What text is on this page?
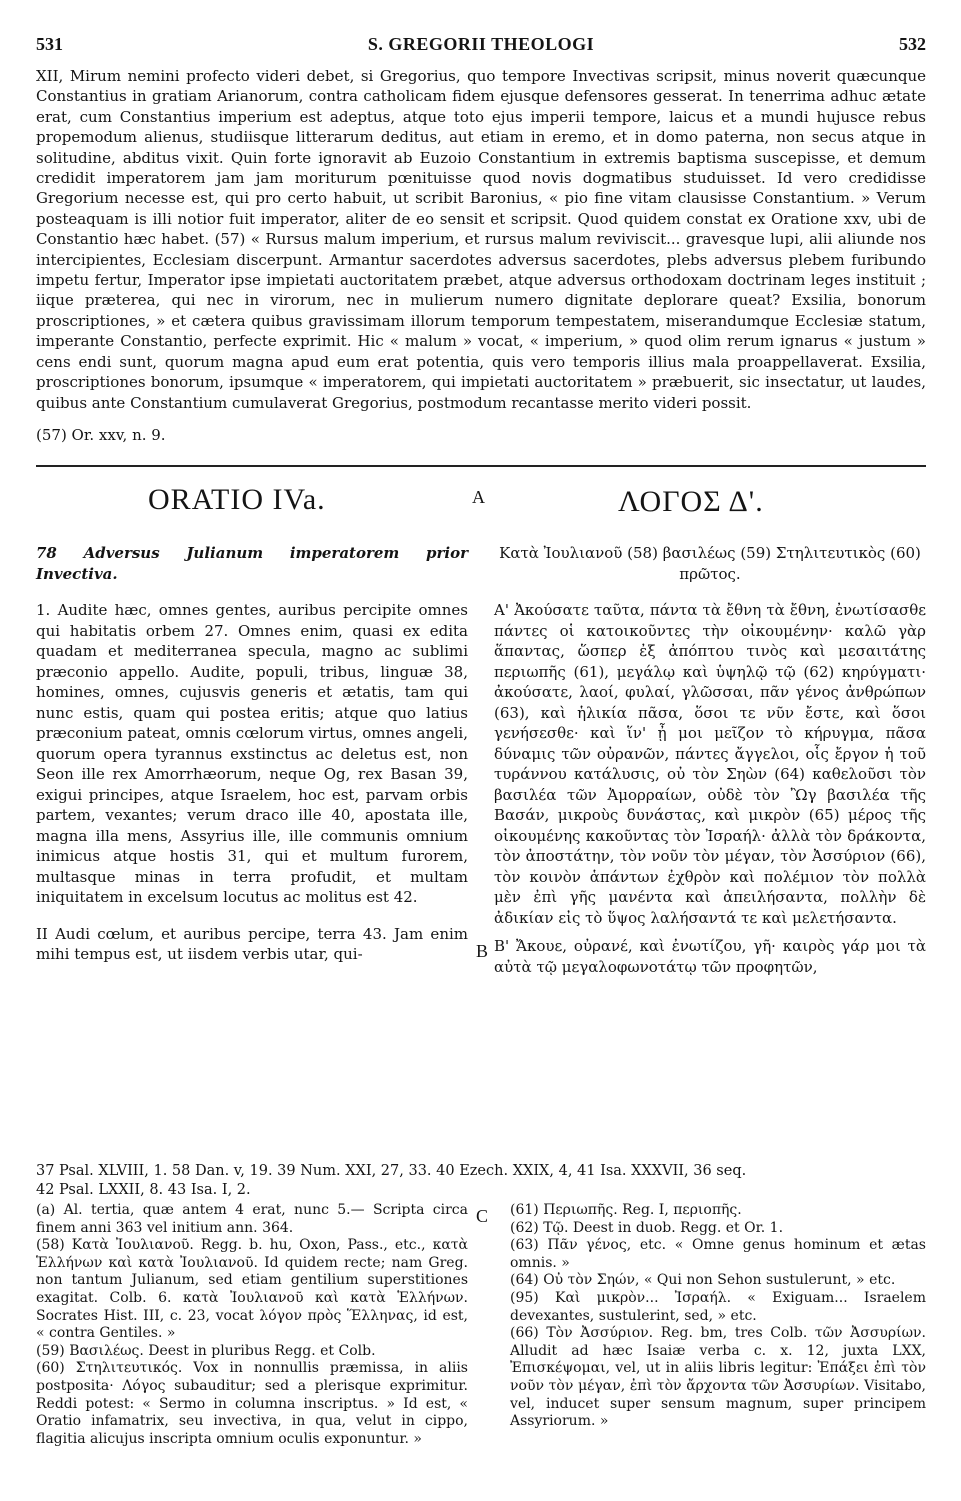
531	S. GREGORII THEOLOGI	532

XII, Mirum nemini profecto videri debet, si Gregorius, quo tempore Invectivas scripsit, minus noverit quæcunque Constantius in gratiam Arianorum, contra catholicam fidem ejusque defensores gesserat. In tenerrima adhuc ætate erat, cum Constantius imperium est adeptus, atque toto ejus imperii tempore, laicus et a mundi hujusce rebus propemodum alienus, studiisque litterarum deditus, aut etiam in eremo, et in domo paterna, non secus atque in solitudine, abditus vixit. Quin forte ignoravit ab Euzoio Constantium in extremis baptisma suscepisse, et demum credidit imperatorem jam jam moriturum pœnituisse quod novis dogmatibus studuisset. Id vero credidisse Gregorium necesse est, qui pro certo habuit, ut scribit Baronius, « pio fine vitam clausisse Constantium. » Verum posteaquam is illi notior fuit imperator, aliter de eo sensit et scripsit. Quod quidem constat ex Oratione xxv, ubi de Constantio hæc habet. (57) « Rursus malum imperium, et rursus malum reviviscit... gravesque lupi, alii aliunde nos intercipientes, Ecclesiam discerpunt. Armantur sacerdotes adversus sacerdotes, plebs adversus plebem furibundo impetu fertur, Imperator ipse impietati auctoritatem præbet, atque adversus orthodoxam doctrinam leges instituit ; iique præterea, qui nec in virorum, nec in mulierum numero dignitate deplorare queat? Exsilia, bonorum proscriptiones, » et cætera quibus gravissimam illorum temporum tempestatem, miserandumque Ecclesiæ statum, imperante Constantio, perfecte exprimit. Hic « malum » vocat, « imperium, » quod olim rerum ignarus « justum » cens endi sunt, quorum magna apud eum erat potentia, quis vero temporis illius mala proappellaverat. Exsilia, proscriptiones bonorum, ipsumque « imperatorem, qui impietati auctoritatem » præbuerit, sic insectatur, ut laudes, quibus ante Constantium cumulaverat Gregorius, postmodum recantasse merito videri possit.

(57) Or. xxv, n. 9.
ORATIO IVa.	A	ΛΟΓΟΣ Δ'.

78 Adversus Julianum imperatorem prior Invectiva.

1. Audite hæc, omnes gentes, auribus percipite omnes qui habitatis orbem 27. Omnes enim, quasi ex edita quadam et mediterranea specula, magno ac sublimi præconio appello. Audite, populi, tribus, linguæ 38, homines, omnes, cujusvis generis et ætatis, tam qui nunc estis, quam qui postea eritis; atque quo latius præconium pateat, omnis cœlorum virtus, omnes angeli, quorum opera tyrannus exstinctus ac deletus est, non Seon ille rex Amorrhæorum, neque Og, rex Basan 39, exigui principes, atque Israelem, hoc est, parvam orbis partem, vexantes; verum draco ille 40, apostata ille, magna illa mens, Assyrius ille, ille communis omnium inimicus atque hostis 31, qui et multum furorem, multasque minas in terra profudit, et multam iniquitatem in excelsum locutus ac molitus est 42.

II Audi cœlum, et auribus percipe, terra 43. Jam enim mihi tempus est, ut iisdem verbis utar, qui-	B

Κατὰ Ἰουλιανοῦ (58) βασιλέως (59) Στηλιτευτικὸς (60) πρῶτος.

Α' Ἀκούσατε ταῦτα, πάντα τὰ ἔθνη τὰ ἔθνη, ἐνωτίσασθε πάντες οἱ κατοικοῦντες τὴν οἰκουμένην· καλῶ γὰρ ἅπαντας, ὥσπερ ἐξ ἀπόπτου τινὸς καὶ μεσαιτάτης περιωπῆς (61), μεγάλῳ καὶ ὑψηλῷ τῷ (62) κηρύγματι· ἀκούσατε, λαοί, φυλαί, γλῶσσαι, πᾶν γένος ἀνθρώπων (63), καὶ ἡλικία πᾶσα, ὅσοι τε νῦν ἔστε, καὶ ὅσοι γενήσεσθε· καὶ ἵν' ᾖ μοι μεῖζον τὸ κήρυγμα, πᾶσα δύναμις τῶν οὐρανῶν, πάντες ἄγγελοι, οἷς ἔργον ἡ τοῦ τυράννου κατάλυσις, οὐ τὸν Σηὼν (64) καθελοῦσι τὸν βασιλέα τῶν Ἀμορραίων, οὐδὲ τὸν Ὢγ βασιλέα τῆς Βασάν, μικροὺς δυνάστας, καὶ μικρὸν (65) μέρος τῆς οἰκουμένης κακοῦντας τὸν Ἰσραήλ· ἀλλὰ τὸν δράκοντα, τὸν ἀποστάτην, τὸν νοῦν τὸν μέγαν, τὸν Ἀσσύριον (66), τὸν κοινὸν ἁπάντων ἐχθρὸν καὶ πολέμιον τὸν πολλὰ μὲν ἐπὶ γῆς μανέντα καὶ ἀπειλήσαντα, πολλὴν δὲ ἀδικίαν εἰς τὸ ὕψος λαλήσαντά τε καὶ μελετήσαντα.

Β' Ἄκουε, οὐρανέ, καὶ ἐνωτίζου, γῆ· καιρὸς γάρ μοι τὰ αὐτὰ τῷ μεγαλοφωνοτάτῳ τῶν προφητῶν,

37 Psal. XLVIII, 1. 58 Dan. v, 19. 39 Num. XXI, 27, 33. 40 Ezech. XXIX, 4, 41 Isa. XXXVII, 36 seq.

42 Psal. LXXII, 8. 43 Isa. I, 2.

(a) Al. tertia, quæ antem 4 erat, nunc 5.— Scripta circa finem anni 363 vel initium ann. 364.

(58) Κατὰ Ἰουλιανοῦ. Regg. b. hu, Oxon, Pass., etc., κατὰ Ἑλλήνων καὶ κατὰ Ἰουλιανοῦ. Id quidem recte; nam Greg. non tantum Julianum, sed etiam gentilium superstitiones exagitat. Colb. 6. κατὰ Ἰουλιανοῦ καὶ κατὰ Ἑλλήνων. Socrates Hist. III, c. 23, vocat λόγον πρὸς Ἕλληνας, id est, « contra Gentiles. »

(59) Βασιλέως. Deest in pluribus Regg. et Colb.

(60) Στηλιτευτικός. Vox in nonnullis præmissa, in aliis postposita· Λόγος subauditur; sed a plerisque exprimitur. Reddi potest: « Sermo in columna inscriptus. » Id est, « Oratio infamatrix, seu invectiva, in qua, velut in cippo, flagitia alicujus inscripta omnium oculis exponuntur. »

C (61) Περιωπῆς. Reg. I, περιοπῆς.

(62) Τῷ. Deest in duob. Regg. et Or. 1.

(63) Πᾶν γένος, etc. « Omne genus hominum et ætas omnis. »

(64) Οὐ τὸν Σηών, « Qui non Sehon sustulerunt, » etc.

(95) Καὶ μικρὸν... Ἰσραήλ. « Exiguam... Israelem devexantes, sustulerint, sed, » etc.

(66) Τὸν Ἀσσύριον. Reg. bm, tres Colb. τῶν Ἀσσυρίων. Alludit ad hæc Isaiæ verba c. x. 12, juxta LXX, Ἐπισκέψομαι, vel, ut in aliis libris legitur: Ἐπάξει ἐπὶ τὸν νοῦν τὸν μέγαν, ἐπὶ τὸν ἄρχοντα τῶν Ἀσσυρίων. Visitabo, vel, inducet super sensum magnum, super principem Assyriorum. »
